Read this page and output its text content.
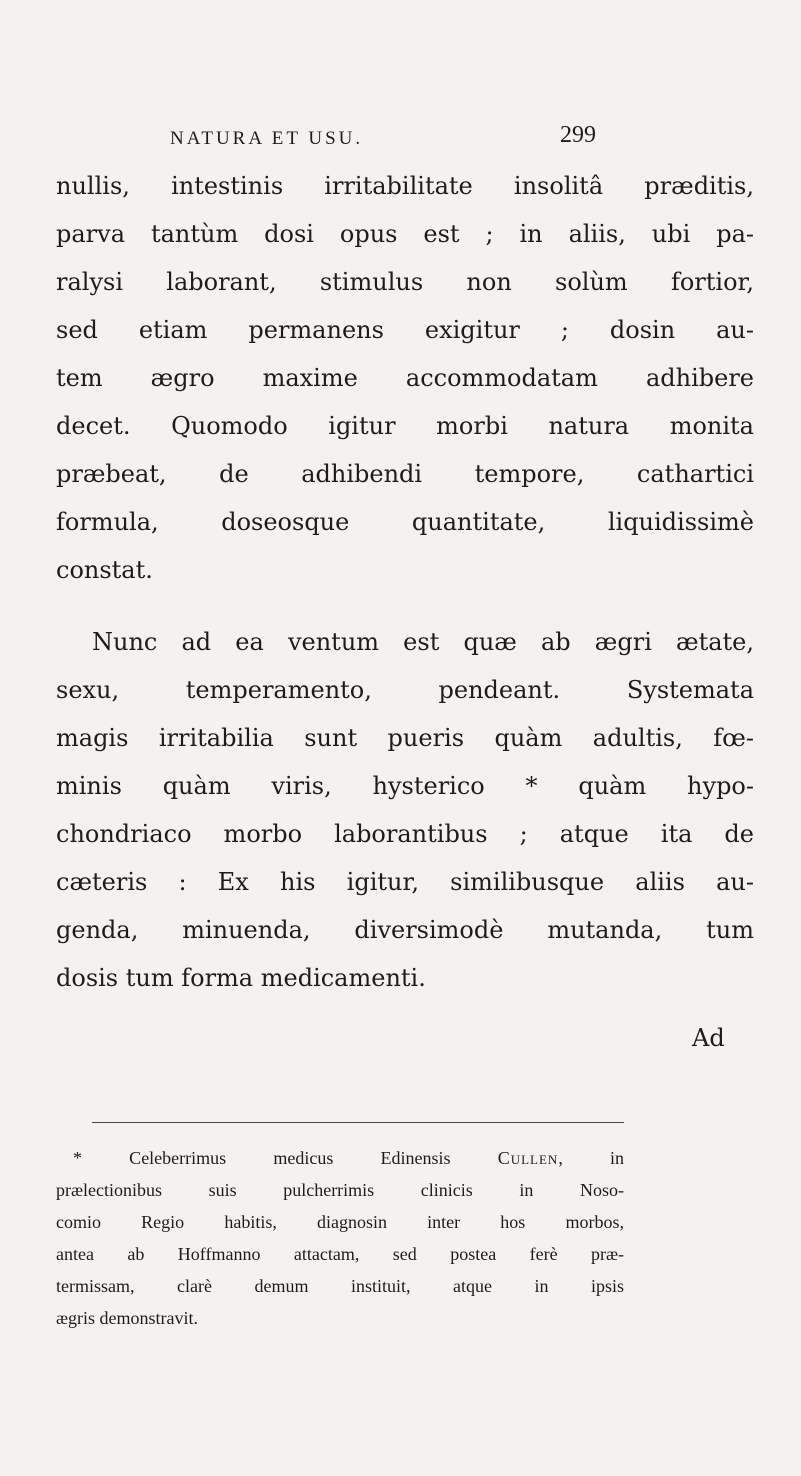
NATURA ET USU.	299
nullis, intestinis irritabilitate insolitâ præditis,
parva tantùm dosi opus est ; in aliis, ubi pa-
ralysi laborant, stimulus non solùm fortior,
sed etiam permanens exigitur ; dosin au-
tem ægro maxime accommodatam adhibere
decet. Quomodo igitur morbi natura monita
præbeat, de adhibendi tempore, cathartici
formula, doseosque quantitate, liquidissimè
constat.
Nunc ad ea ventum est quæ ab ægri ætate,
sexu, temperamento, pendeant. Systemata
magis irritabilia sunt pueris quàm adultis, fœ-
minis quàm viris, hysterico * quàm hypo-
chondriaco morbo laborantibus ; atque ita de
cæteris : Ex his igitur, similibusque aliis au-
genda, minuenda, diversimodè mutanda, tum
dosis tum forma medicamenti.
Ad
* Celeberrimus medicus Edinensis Cullen, in
prælectionibus suis pulcherrimis clinicis in Noso-
comio Regio habitis, diagnosin inter hos morbos,
antea ab Hoffmanno attactam, sed postea ferè præ-
termissam, clarè demum instituit, atque in ipsis
ægris demonstravit.
